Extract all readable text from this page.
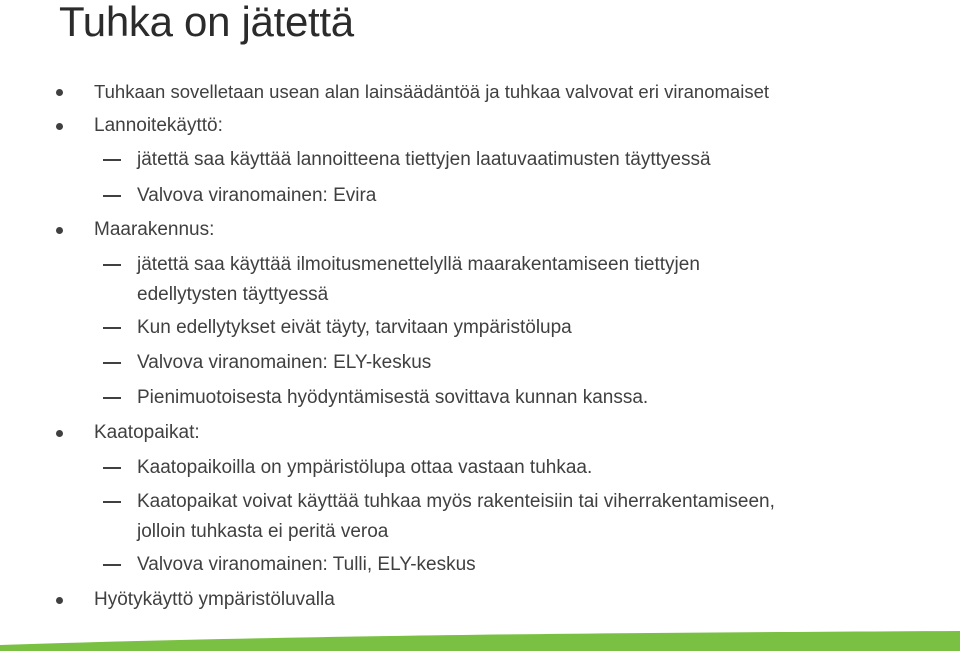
Tuhka on jätettä
Tuhkaan sovelletaan usean alan lainsäädäntöä ja tuhkaa valvovat eri viranomaiset
Lannoitekäyttö:
jätettä saa käyttää lannoitteena tiettyjen laatuvaatimusten täyttyessä
Valvova viranomainen: Evira
Maarakennus:
jätettä saa käyttää ilmoitusmenettelyllä maarakentamiseen tiettyjen
edellytysten täyttyessä
Kun edellytykset eivät täyty, tarvitaan ympäristölupa
Valvova viranomainen: ELY-keskus
Pienimuotoisesta hyödyntämisestä sovittava kunnan kanssa.
Kaatopaikat:
Kaatopaikoilla on ympäristölupa ottaa vastaan tuhkaa.
Kaatopaikat voivat käyttää tuhkaa myös rakenteisiin tai viherrakentamiseen,
jolloin tuhkasta ei peritä veroa
Valvova viranomainen: Tulli, ELY-keskus
Hyötykäyttö ympäristöluvalla
